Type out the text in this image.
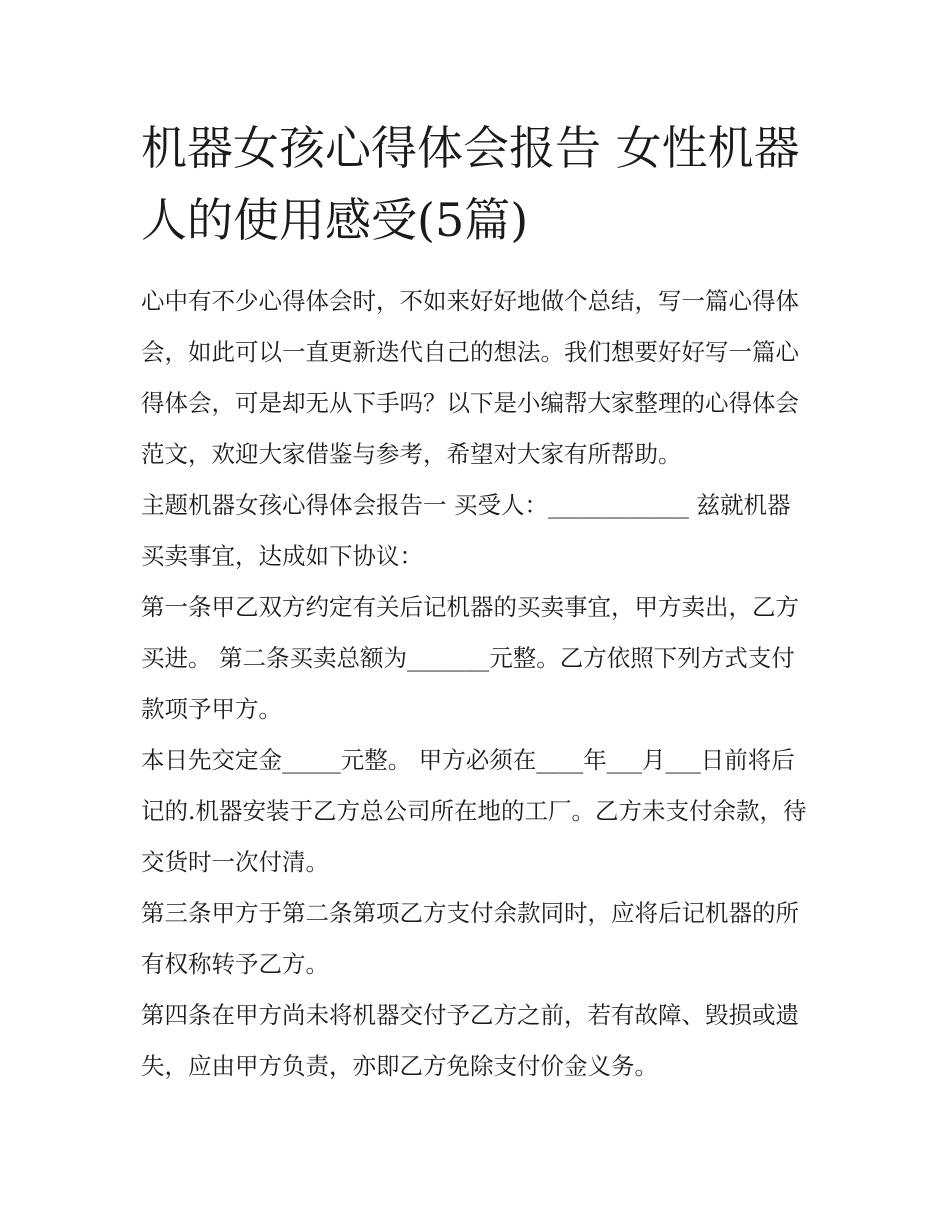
机器女孩心得体会报告 女性机器人的使用感受(5篇)

心中有不少心得体会时，不如来好好地做个总结，写一篇心得体会，如此可以一直更新迭代自己的想法。我们想要好好写一篇心得体会，可是却无从下手吗？以下是小编帮大家整理的心得体会范文，欢迎大家借鉴与参考，希望对大家有所帮助。

主题机器女孩心得体会报告一 买受人：____________ 兹就机器买卖事宜，达成如下协议：

第一条甲乙双方约定有关后记机器的买卖事宜，甲方卖出，乙方买进。 第二条买卖总额为_______元整。乙方依照下列方式支付款项予甲方。

本日先交定金_____元整。 甲方必须在____年___月___日前将后记的.机器安装于乙方总公司所在地的工厂。乙方未支付余款，待交货时一次付清。

第三条甲方于第二条第项乙方支付余款同时，应将后记机器的所有权称转予乙方。

第四条在甲方尚未将机器交付予乙方之前，若有故障、毁损或遗失，应由甲方负责，亦即乙方免除支付价金义务。
